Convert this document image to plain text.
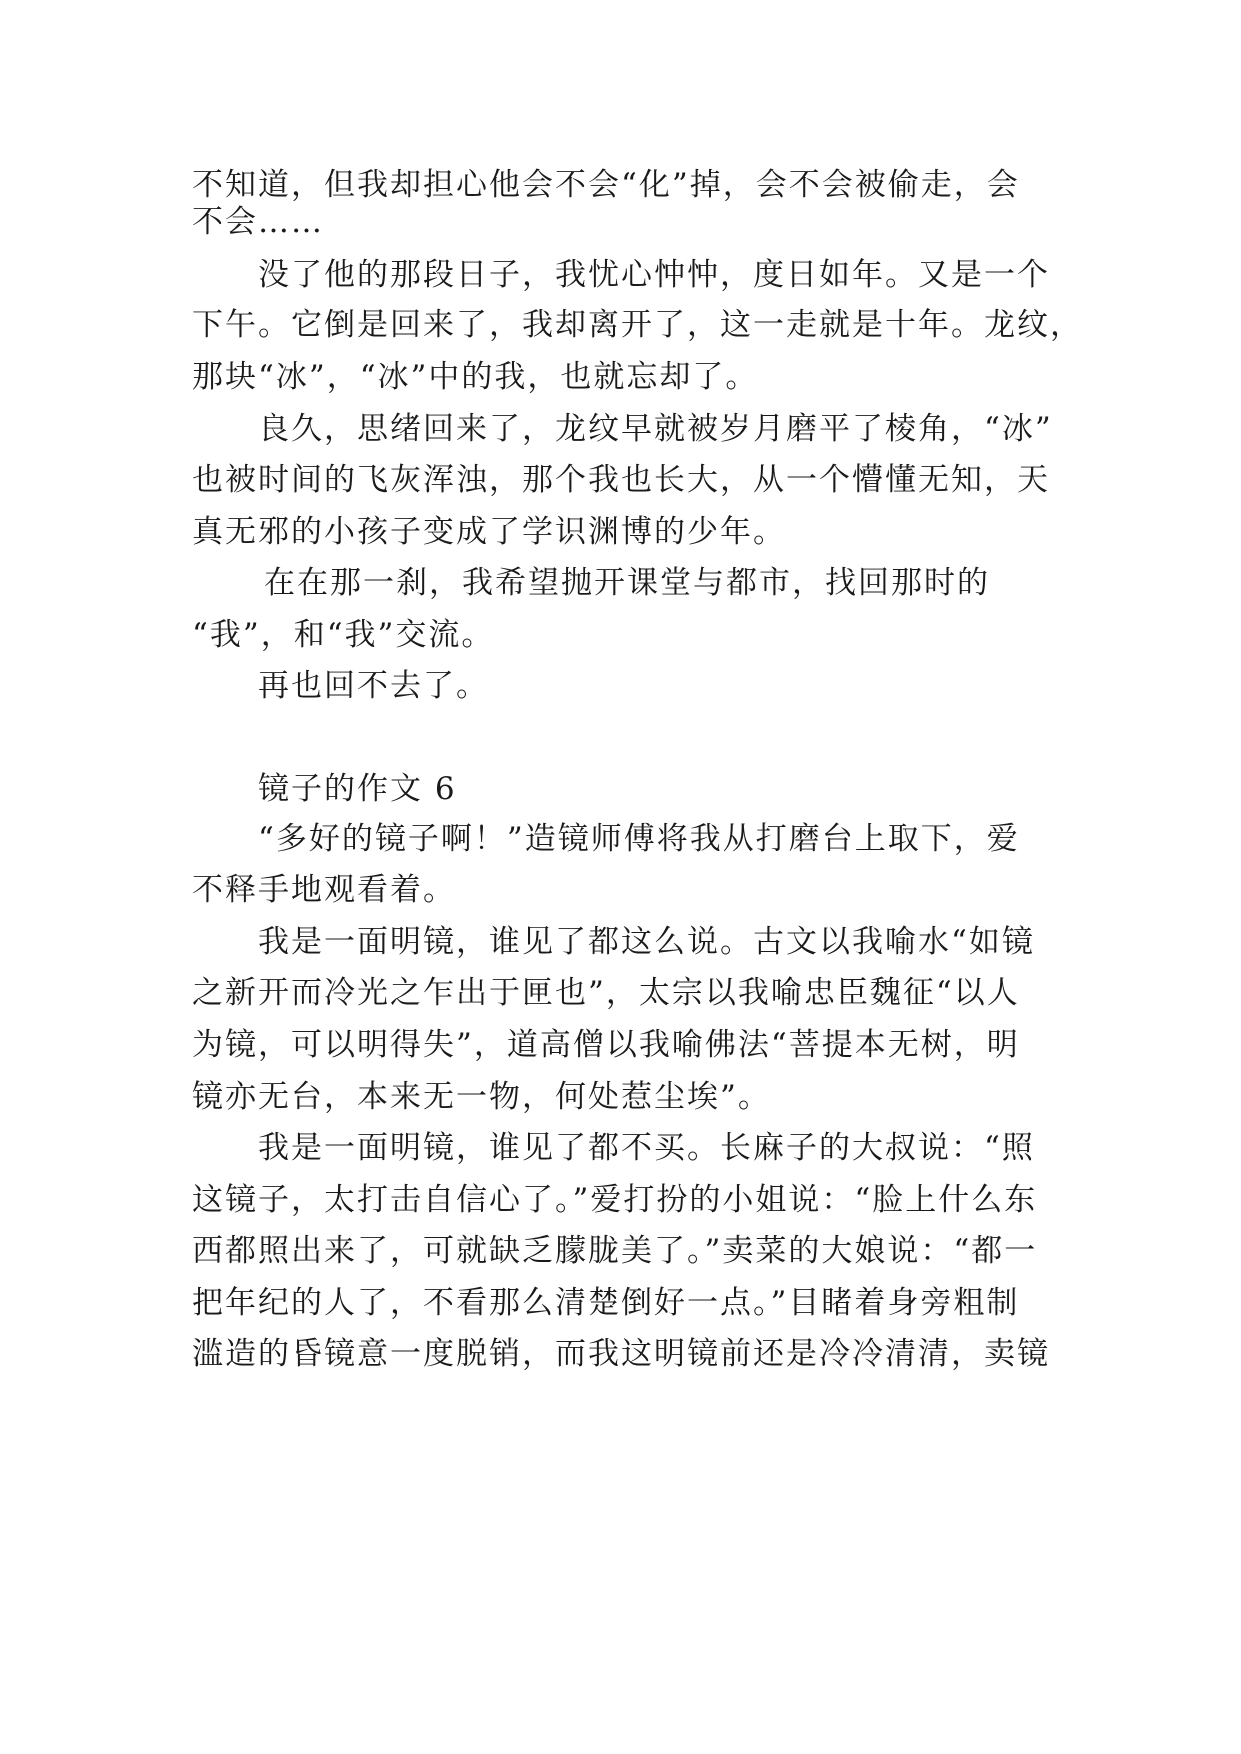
不知道，但我却担心他会不会“化”掉，会不会被偷走，会
不会……
没了他的那段日子，我忧心忡忡，度日如年。又是一个
下午。它倒是回来了，我却离开了，这一走就是十年。龙纹，
那块“冰”，“冰”中的我，也就忘却了。
良久，思绪回来了，龙纹早就被岁月磨平了棱角，“冰”
也被时间的飞灰浑浊，那个我也长大，从一个懵懂无知，天
真无邪的小孩子变成了学识渊博的少年。
在在那一刹，我希望抛开课堂与都市，找回那时的
“我”，和“我”交流。
再也回不去了。
镜子的作文 6
“多好的镜子啊！”造镜师傅将我从打磨台上取下，爱
不释手地观看着。
我是一面明镜，谁见了都这么说。古文以我喻水“如镜
之新开而冷光之乍出于匣也”，太宗以我喻忠臣魏征“以人
为镜，可以明得失”，道高僧以我喻佛法“菩提本无树，明
镜亦无台，本来无一物，何处惹尘埃”。
我是一面明镜，谁见了都不买。长麻子的大叔说：“照
这镜子，太打击自信心了。”爱打扮的小姐说：“脸上什么东
西都照出来了，可就缺乏朦胧美了。”卖菜的大娘说：“都一
把年纪的人了，不看那么清楚倒好一点。”目睹着身旁粗制
滥造的昏镜意一度脱销，而我这明镜前还是冷冷清清，卖镜
